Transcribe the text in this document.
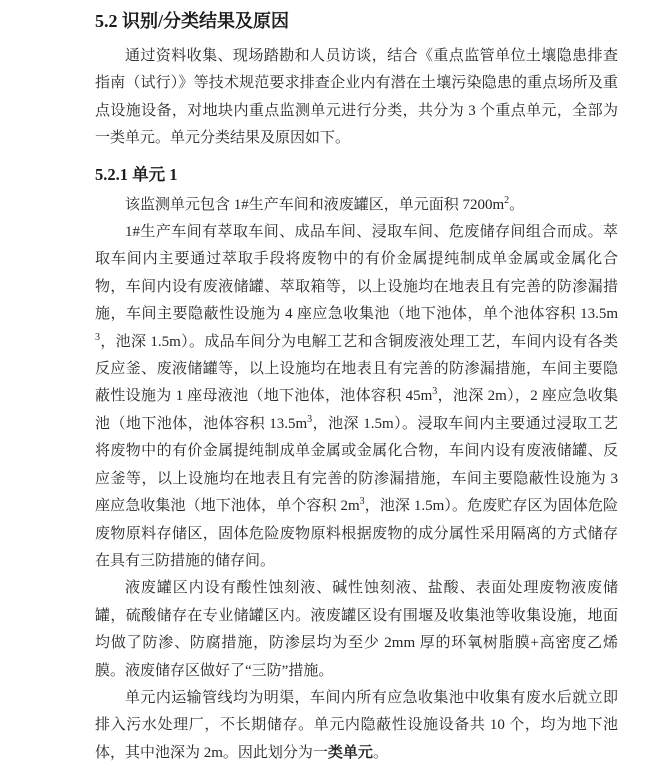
5.2 识别/分类结果及原因

通过资料收集、现场踏勘和人员访谈，结合《重点监管单位土壤隐患排查指南（试行）》等技术规范要求排查企业内有潜在土壤污染隐患的重点场所及重点设施设备，对地块内重点监测单元进行分类，共分为 3 个重点单元，全部为一类单元。单元分类结果及原因如下。

5.2.1 单元 1

该监测单元包含 1#生产车间和液废罐区，单元面积 $7200m^2$。

1#生产车间有萃取车间、成品车间、浸取车间、危废储存间组合而成。萃取车间内主要通过萃取手段将废物中的有价金属提纯制成单金属或金属化合物，车间内设有废液储罐、萃取箱等，以上设施均在地表且有完善的防渗漏措施，车间主要隐蔽性设施为 4 座应急收集池（地下池体，单个池体容积 $13.5m^3$，池深 1.5m）。成品车间分为电解工艺和含铜废液处理工艺，车间内设有各类反应釜、废液储罐等，以上设施均在地表且有完善的防渗漏措施，车间主要隐蔽性设施为 1 座母液池（地下池体，池体容积 $45m^3$，池深 2m），2 座应急收集池（地下池体，池体容积 $13.5m^3$，池深 1.5m）。浸取车间内主要通过浸取工艺将废物中的有价金属提纯制成单金属或金属化合物，车间内设有废液储罐、反应釜等，以上设施均在地表且有完善的防渗漏措施，车间主要隐蔽性设施为 3 座应急收集池（地下池体，单个容积 $2m^3$，池深 1.5m）。危废贮存区为固体危险废物原料存储区，固体危险废物原料根据废物的成分属性采用隔离的方式储存在具有三防措施的储存间。

液废罐区内设有酸性蚀刻液、碱性蚀刻液、盐酸、表面处理废物液废储罐，硫酸储存在专业储罐区内。液废罐区设有围堰及收集池等收集设施，地面均做了防渗、防腐措施，防渗层均为至少 2mm 厚的环氧树脂膜+高密度乙烯膜。液废储存区做好了“三防”措施。

单元内运输管线均为明渠，车间内所有应急收集池中收集有废水后就立即排入污水处理厂，不长期储存。单元内隐蔽性设施设备共 10 个，均为地下池体，其中池深为 2m。因此划分为一类单元。
